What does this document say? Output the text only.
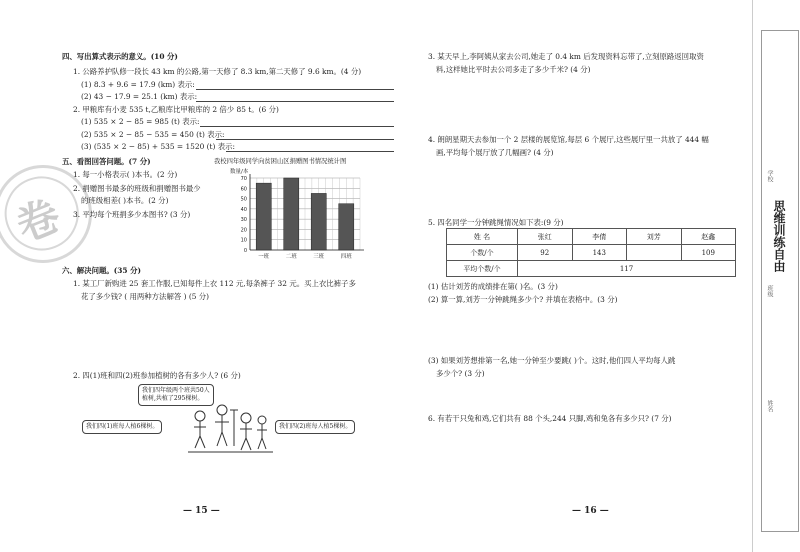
卷
四、写出算式表示的意义。(10 分)
1. 公路养护队修一段长 43 km 的公路,第一天修了 8.3 km,第二天修了 9.6 km。(4 分)
(1) 8.3 + 9.6 = 17.9 (km) 表示:
(2) 43 − 17.9 = 25.1 (km) 表示:
2. 甲粮库有小麦 535 t,乙粮库比甲粮库的 2 倍少 85 t。(6 分)
(1) 535 × 2 − 85 = 985 (t) 表示:
(2) 535 × 2 − 85 − 535 = 450 (t) 表示:
(3) (535 × 2 − 85) + 535 = 1520 (t) 表示:
五、看图回答问题。(7 分)
1. 每一小格表示( )本书。(2 分)
2. 捐赠图书最多的班级和捐赠图书最少
的班级相差( )本书。(2 分)
3. 平均每个班捐多少本图书? (3 分)
我校四年级同学向贫困山区捐赠图书情况统计图
数量/本
0
10
20
30
40
50
60
70
一班	二班	三班	四班
六、解决问题。(35 分)
1. 某工厂新购进 25 套工作服,已知每件上衣 112 元,每条裤子 32 元。买上衣比裤子多
花了多少钱? ( 用两种方法解答 ) (5 分)
2. 四(1)班和四(2)班参加植树的各有多少人? (6 分)
我们四年级两个班共50人
植树,共植了295棵树。
我们四(1)班每人植6棵树。	我们四(2)班每人植5棵树。
— 15 —
3. 某天早上,李阿姨从家去公司,她走了 0.4 km 后发现资料忘带了,立刻原路返回取资
料,这样她比平时去公司多走了多少千米? (4 分)
4. 朗朗星期天去参加一个 2 层楼的展览馆,每层 6 个展厅,这些展厅里一共放了 444 幅
画,平均每个展厅放了几幅画? (4 分)
5. 四名同学一分钟跳绳情况如下表:(9 分)
姓 名	张红	李倩	刘芳	赵鑫
个数/个	92	143		109
平均个数/个	117			
(1) 估计刘芳的成绩排在第( )名。(3 分)
(2) 算一算,刘芳一分钟跳绳多少个? 并填在表格中。(3 分)
(3) 如果刘芳想排第一名,她一分钟至少要跳( )个。这时,他们四人平均每人跳
多少个? (3 分)
6. 有若干只兔和鸡,它们共有 88 个头,244 只脚,鸡和兔各有多少只? (7 分)
— 16 —
思维训练自由
学校
班级
姓名
